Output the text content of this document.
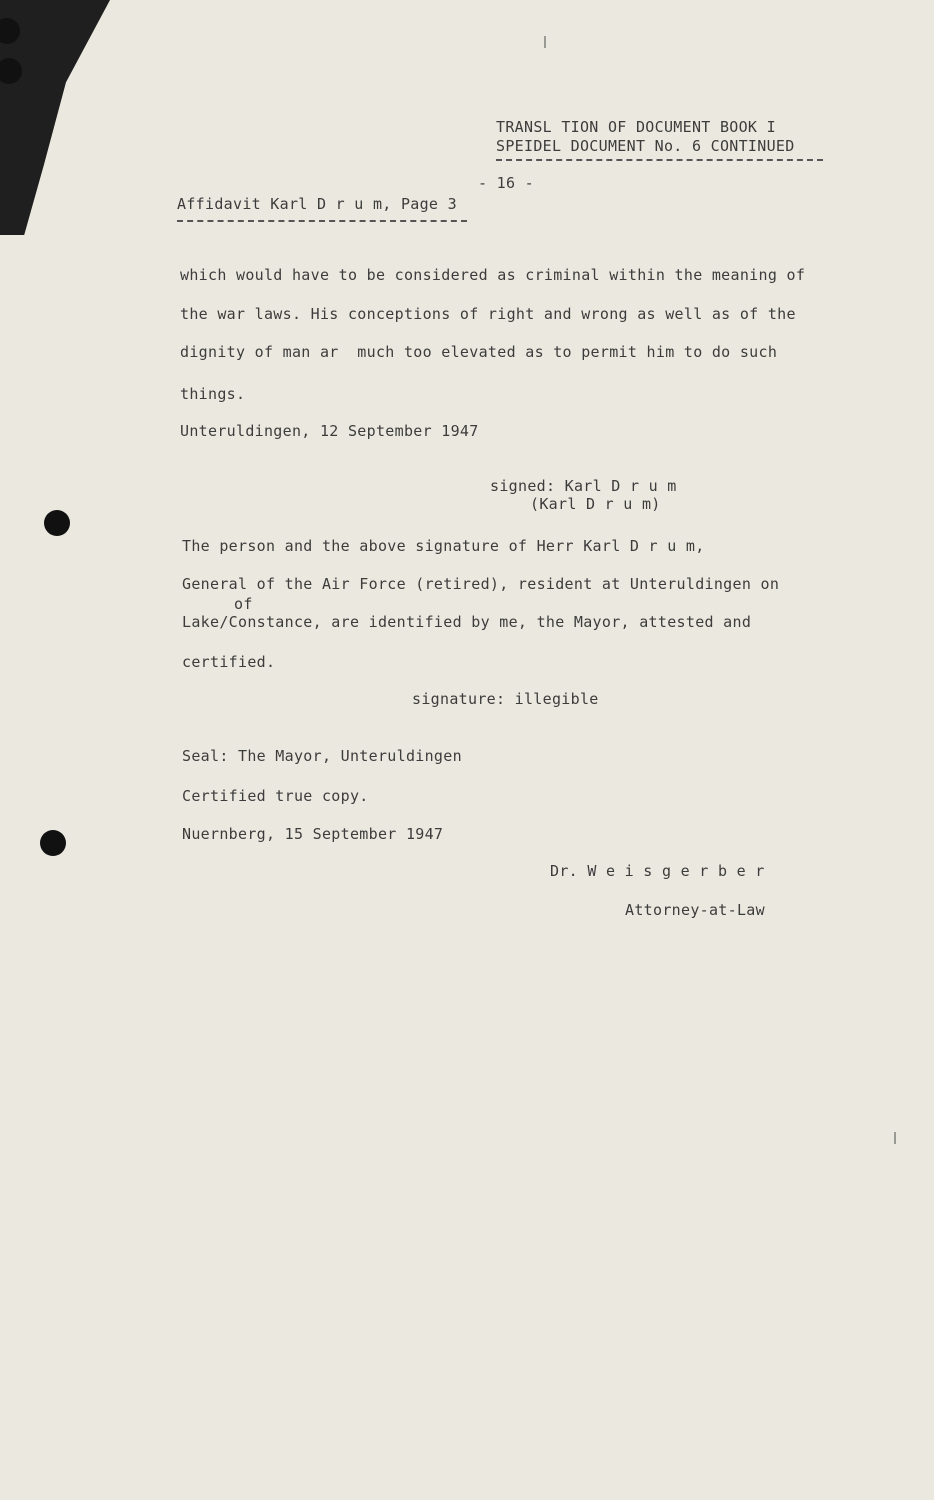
TRANSL TION OF DOCUMENT BOOK I
SPEIDEL DOCUMENT No. 6 CONTINUED
- 16 -
Affidavit Karl D r u m, Page 3
which would have to be considered as criminal within the meaning of
the war laws. His conceptions of right and wrong as well as of the
dignity of man ar  much too elevated as to permit him to do such
things.
Unteruldingen, 12 September 1947
signed: Karl D r u m
(Karl D r u m)
The person and the above signature of Herr Karl D r u m,
General of the Air Force (retired), resident at Unteruldingen on
of
Lake/Constance, are identified by me, the Mayor, attested and
certified.
signature: illegible
Seal: The Mayor, Unteruldingen
Certified true copy.
Nuernberg, 15 September 1947
Dr. W e i s g e r b e r
Attorney-at-Law
